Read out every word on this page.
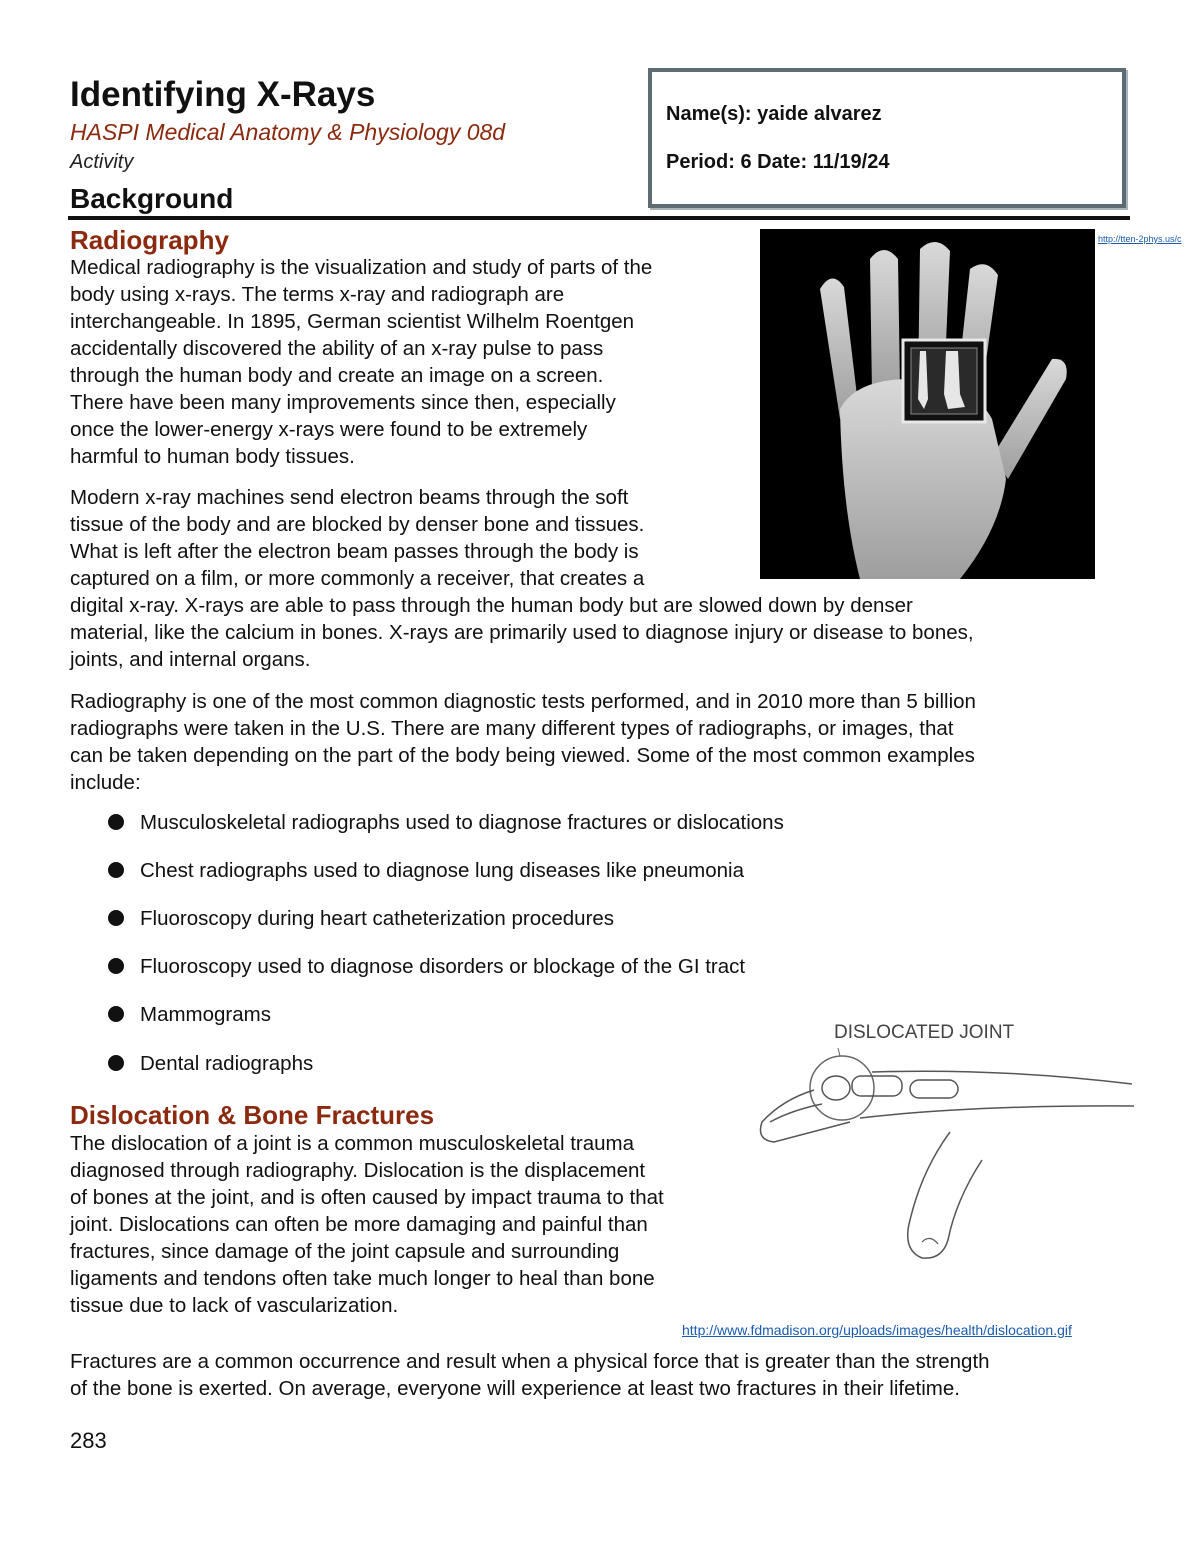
Identifying X-Rays
HASPI Medical Anatomy & Physiology 08d
Activity
Background
Name(s): yaide alvarez
Period: 6 Date: 11/19/24
Radiography

Medical radiography is the visualization and study of parts of the

body using x-rays. The terms x-ray and radiograph are

interchangeable. In 1895, German scientist Wilhelm Roentgen

accidentally discovered the ability of an x-ray pulse to pass

through the human body and create an image on a screen.

There have been many improvements since then, especially

once the lower-energy x-rays were found to be extremely

harmful to human body tissues.

Modern x-ray machines send electron beams through the soft

tissue of the body and are blocked by denser bone and tissues.

What is left after the electron beam passes through the body is

captured on a film, or more commonly a receiver, that creates a

digital x-ray. X-rays are able to pass through the human body but are slowed down by denser

material, like the calcium in bones. X-rays are primarily used to diagnose injury or disease to bones,

joints, and internal organs.

Radiography is one of the most common diagnostic tests performed, and in 2010 more than 5 billion

radiographs were taken in the U.S. There are many different types of radiographs, or images, that

can be taken depending on the part of the body being viewed. Some of the most common examples

include:

http://tten-2phys.us/c
Musculoskeletal radiographs used to diagnose fractures or dislocations
Chest radiographs used to diagnose lung diseases like pneumonia
Fluoroscopy during heart catheterization procedures
Fluoroscopy used to diagnose disorders or blockage of the GI tract
Mammograms
Dental radiographs
Dislocation & Bone Fractures

The dislocation of a joint is a common musculoskeletal trauma

diagnosed through radiography. Dislocation is the displacement

of bones at the joint, and is often caused by impact trauma to that

joint. Dislocations can often be more damaging and painful than

fractures, since damage of the joint capsule and surrounding

ligaments and tendons often take much longer to heal than bone

tissue due to lack of vascularization.

DISLOCATED JOINT
http://www.fdmadison.org/uploads/images/health/dislocation.gif

Fractures are a common occurrence and result when a physical force that is greater than the strength

of the bone is exerted. On average, everyone will experience at least two fractures in their lifetime.

283
